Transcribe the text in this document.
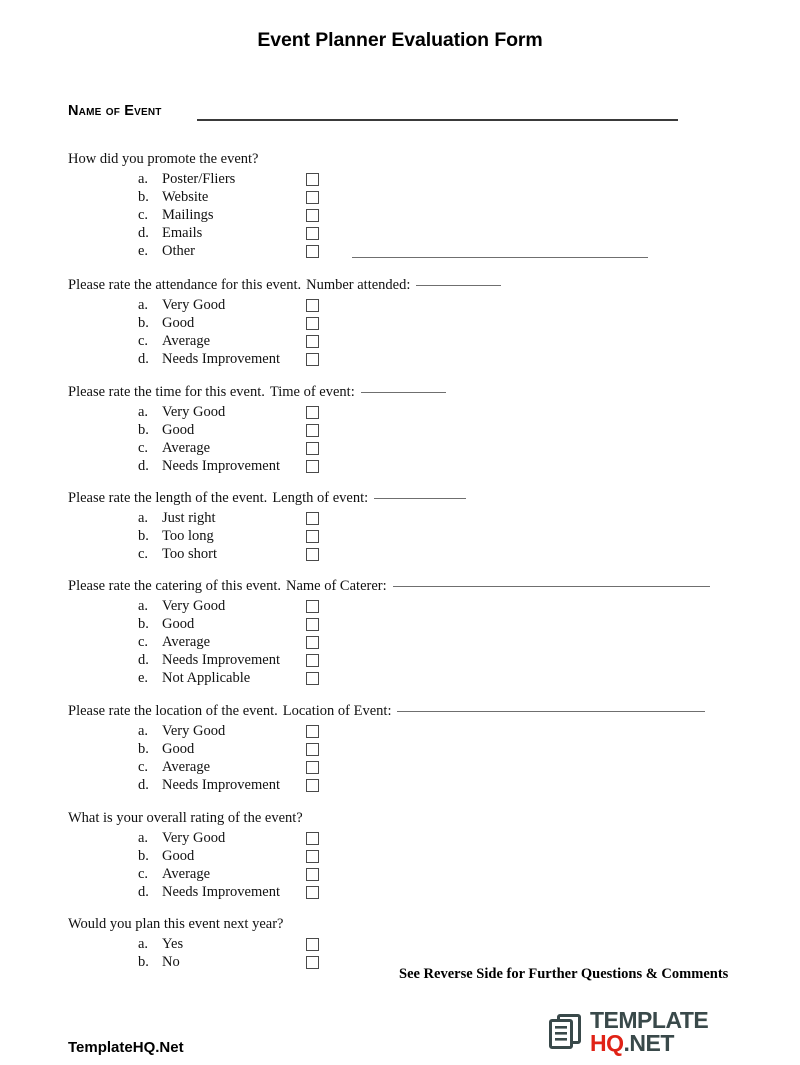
Event Planner Evaluation Form
Name of Event
How did you promote the event?
a. Poster/Fliers
b. Website
c. Mailings
d. Emails
e. Other
Please rate the attendance for this event. Number attended:
a. Very Good
b. Good
c. Average
d. Needs Improvement
Please rate the time for this event. Time of event:
a. Very Good
b. Good
c. Average
d. Needs Improvement
Please rate the length of the event. Length of event:
a. Just right
b. Too long
c. Too short
Please rate the catering of this event. Name of Caterer:
a. Very Good
b. Good
c. Average
d. Needs Improvement
e. Not Applicable
Please rate the location of the event. Location of Event:
a. Very Good
b. Good
c. Average
d. Needs Improvement
What is your overall rating of the event?
a. Very Good
b. Good
c. Average
d. Needs Improvement
Would you plan this event next year?
a. Yes
b. No
See Reverse Side for Further Questions & Comments
TemplateHQ.Net
TEMPLATE
HQ.NET
